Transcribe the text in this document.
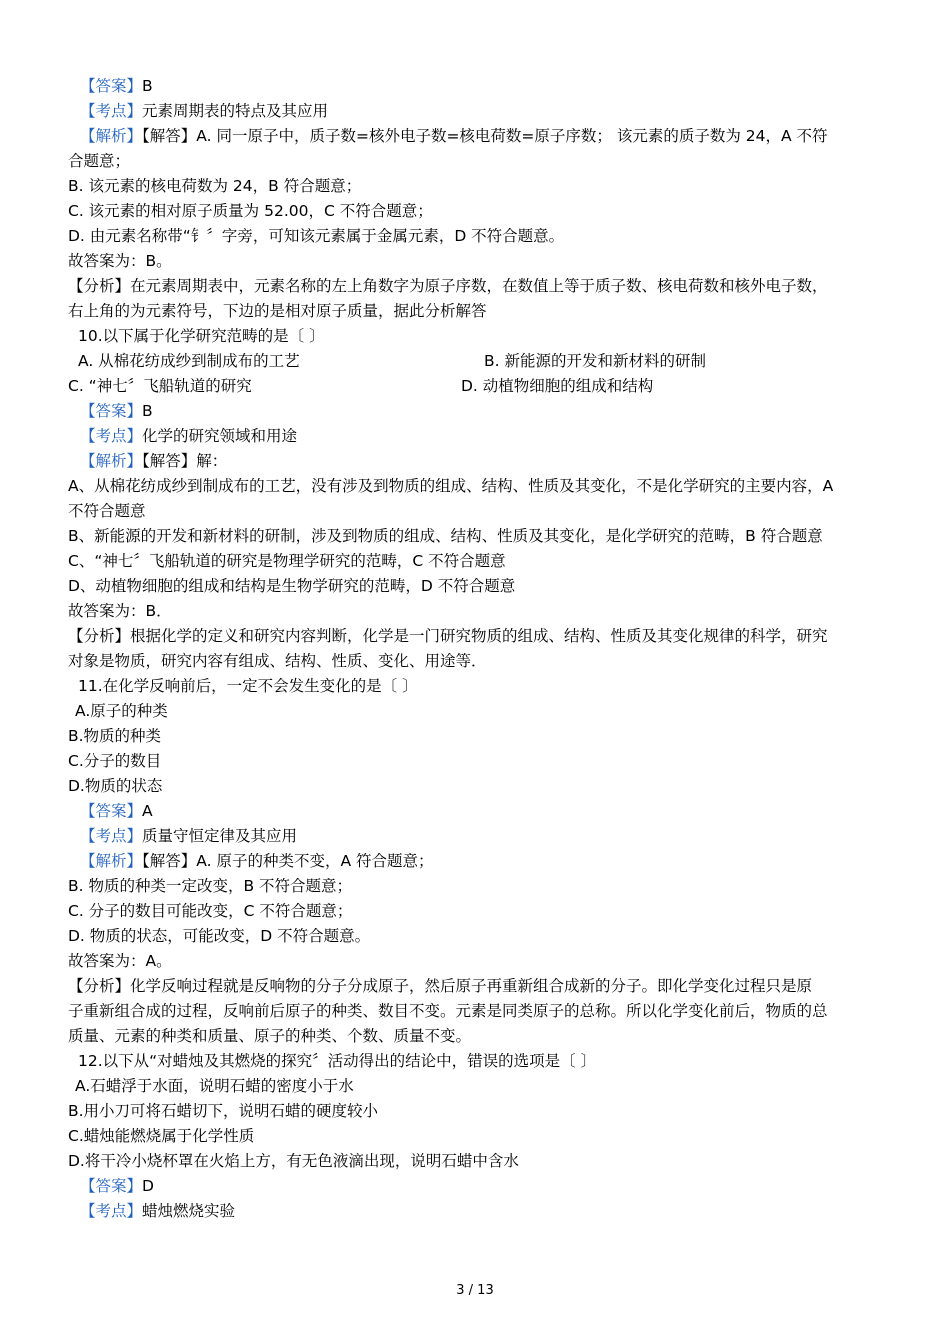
【答案】B
【考点】元素周期表的特点及其应用
【解析】【解答】A. 同一原子中，质子数=核外电子数=核电荷数=原子序数； 该元素的质子数为 24，A 不符
合题意；
B. 该元素的核电荷数为 24，B 符合题意；
C. 该元素的相对原子质量为 52.00，C 不符合题意；
D. 由元素名称带“钅〞字旁，可知该元素属于金属元素，D 不符合题意。
故答案为：B。
【分析】在元素周期表中，元素名称的左上角数字为原子序数，在数值上等于质子数、核电荷数和核外电子数，
右上角的为元素符号，下边的是相对原子质量，据此分析解答
10.以下属于化学研究范畴的是〔 〕
A. 从棉花纺成纱到制成布的工艺	B. 新能源的开发和新材料的研制
C. “神七〞飞船轨道的研究	D. 动植物细胞的组成和结构
【答案】B
【考点】化学的研究领域和用途
【解析】【解答】解：
A、从棉花纺成纱到制成布的工艺，没有涉及到物质的组成、结构、性质及其变化，不是化学研究的主要内容，A
不符合题意
B、新能源的开发和新材料的研制，涉及到物质的组成、结构、性质及其变化，是化学研究的范畴，B 符合题意
C、“神七〞飞船轨道的研究是物理学研究的范畴，C 不符合题意
D、动植物细胞的组成和结构是生物学研究的范畴，D 不符合题意
故答案为：B．
【分析】根据化学的定义和研究内容判断，化学是一门研究物质的组成、结构、性质及其变化规律的科学，研究
对象是物质，研究内容有组成、结构、性质、变化、用途等．
11.在化学反响前后，一定不会发生变化的是〔 〕
A.原子的种类
B.物质的种类
C.分子的数目
D.物质的状态
【答案】A
【考点】质量守恒定律及其应用
【解析】【解答】A. 原子的种类不变，A 符合题意；
B. 物质的种类一定改变，B 不符合题意；
C. 分子的数目可能改变，C 不符合题意；
D. 物质的状态，可能改变，D 不符合题意。
故答案为：A。
【分析】化学反响过程就是反响物的分子分成原子，然后原子再重新组合成新的分子。即化学变化过程只是原
子重新组合成的过程，反响前后原子的种类、数目不变。元素是同类原子的总称。所以化学变化前后，物质的总
质量、元素的种类和质量、原子的种类、个数、质量不变。
12.以下从“对蜡烛及其燃烧的探究〞活动得出的结论中，错误的选项是〔 〕
A.石蜡浮于水面，说明石蜡的密度小于水
B.用小刀可将石蜡切下，说明石蜡的硬度较小
C.蜡烛能燃烧属于化学性质
D.将干冷小烧杯罩在火焰上方，有无色液滴出现，说明石蜡中含水
【答案】D
【考点】蜡烛燃烧实验
3 / 13
